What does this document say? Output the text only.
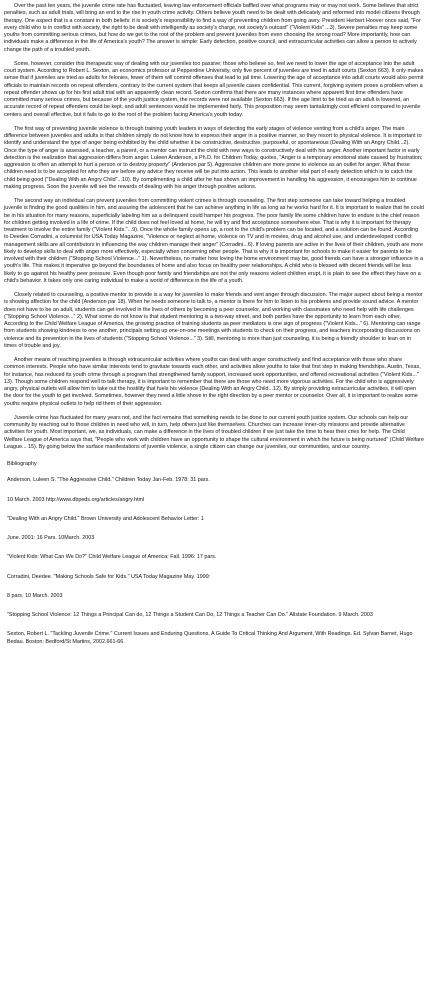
Over the past ten years, the juvenile crime rate has fluctuated, leaving law enforcement officials baffled over what programs may or may not work. Some believe that strict penalties, such as adult trials, will bring an end to the rise in youth crime activity. Others believe youth need to be dealt with delicately and reformed into model citizens through therapy. One aspect that is a constant in both beliefs: it is society's responsibility to find a way of preventing children from going awry. President Herbert Hoover once said, "For every child who is in conflict with society, the right to be dealt with intelligently as society's charge, not society's outcast" ("Violent Kids" ...3). Severe penalties may keep some youths from committing serious crimes, but how do we get to the root of the problem and prevent juveniles from even choosing the wrong road? More importantly, how can individuals make a difference in the life of America's youth? The answer is simple: Early detection, positive council, and extracurricular activities can allow a person to actively change the path of a troubled youth.

Some, however, consider this therapeutic way of dealing with our juveniles too passive; those who believe so, feel we need to lower the age of acceptance into the adult court system. According to Robert L. Sexton, an economics professor at Pepperdine University, only five percent of juveniles are tried in adult courts (Sexton 663). It only makes sense that if juveniles are tried as adults for felonies, fewer of them will commit offenses that lead to jail time. Lowering the age of acceptance into adult courts would also permit officials to maintain records on repeat offenders, contrary to the current system that keeps all juvenile cases confidential. This current, forgiving system poses a problem when a repeat offender shows up for his first adult trial with an apparently clean record. Sexton confirms that there are many instances where apparent first time offenders have committed many serious crimes, but because of the youth justice system, the records were not available (Sexton 663). If the age limit to be tried as an adult is lowered, an accurate record of repeat offenders could be kept, and adult sentences would be implemented fairly. This proposition may seem tantalizingly cost efficient compared to juvenile centers and overall effective, but it fails to go to the root of the problem facing America's youth today.

The first way of preventing juvenile violence is through training youth leaders in ways of detecting the early stages of violence venting from a child's anger. The main difference between juveniles and adults is that children simply do not know how to express their anger in a positive manner, so they resort to physical violence. It is important to identify and understand the type of anger being exhibited by the child whether it be constructive, destructive, purposeful, or spontaneous (Dealing With an Angry Child...2). Once the type of anger is assessed, a teacher, a parent, or a mentor can instruct the child with new ways to constructively deal with his anger. Another important factor in early detection is the realization that aggression differs from anger. Luleen Anderson, a Ph.D. for Children Today, quotes, "Anger is a temporary emotional state caused by frustration; aggression is often an attempt to hurt a person or to destroy property" (Anderson par 5). Aggressive children are more prone to violence as an outlet for anger. What these children need is to be accepted for who they are before any advice they receive will be put into action. This leads to another vital part of early detection which is to catch the child being good ("Dealing With an Angry Child"...10). By complimenting a child after he has shown an improvement in handling his aggression, it encourages him to continue making progress. Soon the juvenile will see the rewards of dealing with his anger through positive actions.

The second way an individual can prevent juveniles from committing violent crimes is through counseling. The first step someone can take toward helping a troubled juvenile is finding the good qualities in him, and assuring the adolescent that he can achieve anything in life as long as he works hard for it. It is important to realize that he could be in his situation for many reasons, superficially labeling him as a delinquent could hamper his progress. The poor family life some children have to endure is the chief reason for children getting involved in a life of crime. If the child does not feel loved at home, he will try and find acceptance somewhere else. That is why it is important for therapy treatment to involve the entire family ("Violent Kids."...9). Once the whole family opens up, a root to the child's problem can be located, and a solution can be found. According to Deedee Corradini, a columnist for USA Today Magazine, "Violence or neglect at home, violence on TV and in movies, drug and alcohol use, and underdeveloped conflict management skills are all contributors in influencing the way children manage their anger" (Corradini...6). If loving parents are active in the lives of their children, youth are more likely to develop skills to deal with anger more effectively, especially when concerning other people. That is why it is important for schools to make it easier for parents to be involved with their children ("Stopping School Violence..." 1). Nevertheless, no matter how loving the home environment may be, good friends can have a stronger influence in a youth's life. This makes it imperative go beyond the boundaries of home and also focus on healthy peer relationships. A child who is blessed with decent friends will be less likely to go against his healthy peer pressure. Even though poor family and friendships are not the only reasons violent children erupt, it is plain to see the effect they have on a child's behavior. It takes only one caring individual to make a world of difference in the life of a youth.

Closely related to counseling, a positive mentor to provide is a way for juveniles to make friends and vent anger through discussion. The major aspect about being a mentor is showing affection for the child (Anderson par 18). When he needs someone to talk to, a mentor is there for him to listen to his problems and provide sound advice. A mentor does not have to be an adult, students can get involved in the lives of others by becoming a peer counselor, and working with classmates who need help with life challenges ("Stopping School Violence..." 2). What some do not know is that student mentoring is a two-way street, and both parties have the opportunity to learn from each other. According to the Child Welfare League of America, the growing practice of training students as peer mediators is one sign of progress ("Violent Kids..." 6). Mentoring can range from students showing kindness to one another, principals setting up one-on-one meetings with students to check on their progress, and teachers incorporating discussions on violence and its prevention in the lives of students ("Stopping School Violence..." 3). Still, mentoring is more than just counseling, it is being a friendly shoulder to lean on in times of trouble and joy.

Another means of reaching juveniles is through extracurricular activities where youths can deal with anger constructively and find acceptance with those who share common interests. People who have similar interests tend to gravitate towards each other, and activities allow youths to take that first step in making friendships. Austin, Texas, for instance, has reduced its youth crime through a program that strengthened family support, increased work opportunities, and offered recreational activities ("Violent Kids..." 13). Though some children respond well to talk therapy, it is important to remember that there are those who need more vigorous activities. For the child who is aggressively angry, physical outlets will allow him to take out the hostility that fuels his violence (Dealing With an Angry Child...12). By simply providing extracurricular activities, it will open the door for the youth to get involved. Sometimes, however they need a little shove in the right direction by a peer mentor or counselor. Over all, it is important to realize some youths require physical outlets to help rid them of their aggression.

Juvenile crime has fluctuated for many years not, and the fact remains that something needs to be done to our current youth justice system. Our schools can help our community by reaching out to those children in need who will, in turn, help others just like themselves. Churches can increase inner-city missions and provide alternative activities for youth. Most important, we, as individuals, can make a difference in the lives of troubled children if we just take the time to hear their cries for help. The Child Welfare League of America says that, "People who work with children have an opportunity to shape the cultural environment in which the future is being nurtured" (Child Welfare League... 15). By going below the surface manifestations of juvenile violence, a single citizen can change our juveniles, our communities, and our country.

Bibliography

Anderson, Luleen S. "The Aggressive Child." Children Today Jan-Feb. 1978: 31 pars.

10 March. 2003 http://www.dbpeds.org/articles/angry.html

"Dealing With an Angry Child." Brown University and Adolescent Behavior Letter: 1

June. 2001: 16 Pars. 10March. 2003

"Violent Kids: What Can We Do?" Child Welfare League of America: Fall. 1996: 17 pars.

Corradini, Deedee. "Making Schools Safe for Kids." USA Today Magazine May. 1999:

8 pars. 10 March. 2003

"Stopping School Violence: 12 Things a Principal Can do, 12 Things a Student Can Do, 12 Things a Teacher Can Do." Allstate Foundation. 9 March. 2003

Sexton, Robert L. "Tackling Juvenile Crime." Current Issues and Enduring Questions, A Guide To Critical Thinking And Argument, With Readings. Ed. Sylvan Barnet, Hugo Bedau. Boston: Bedford/St Martins, 2002.661-66.
